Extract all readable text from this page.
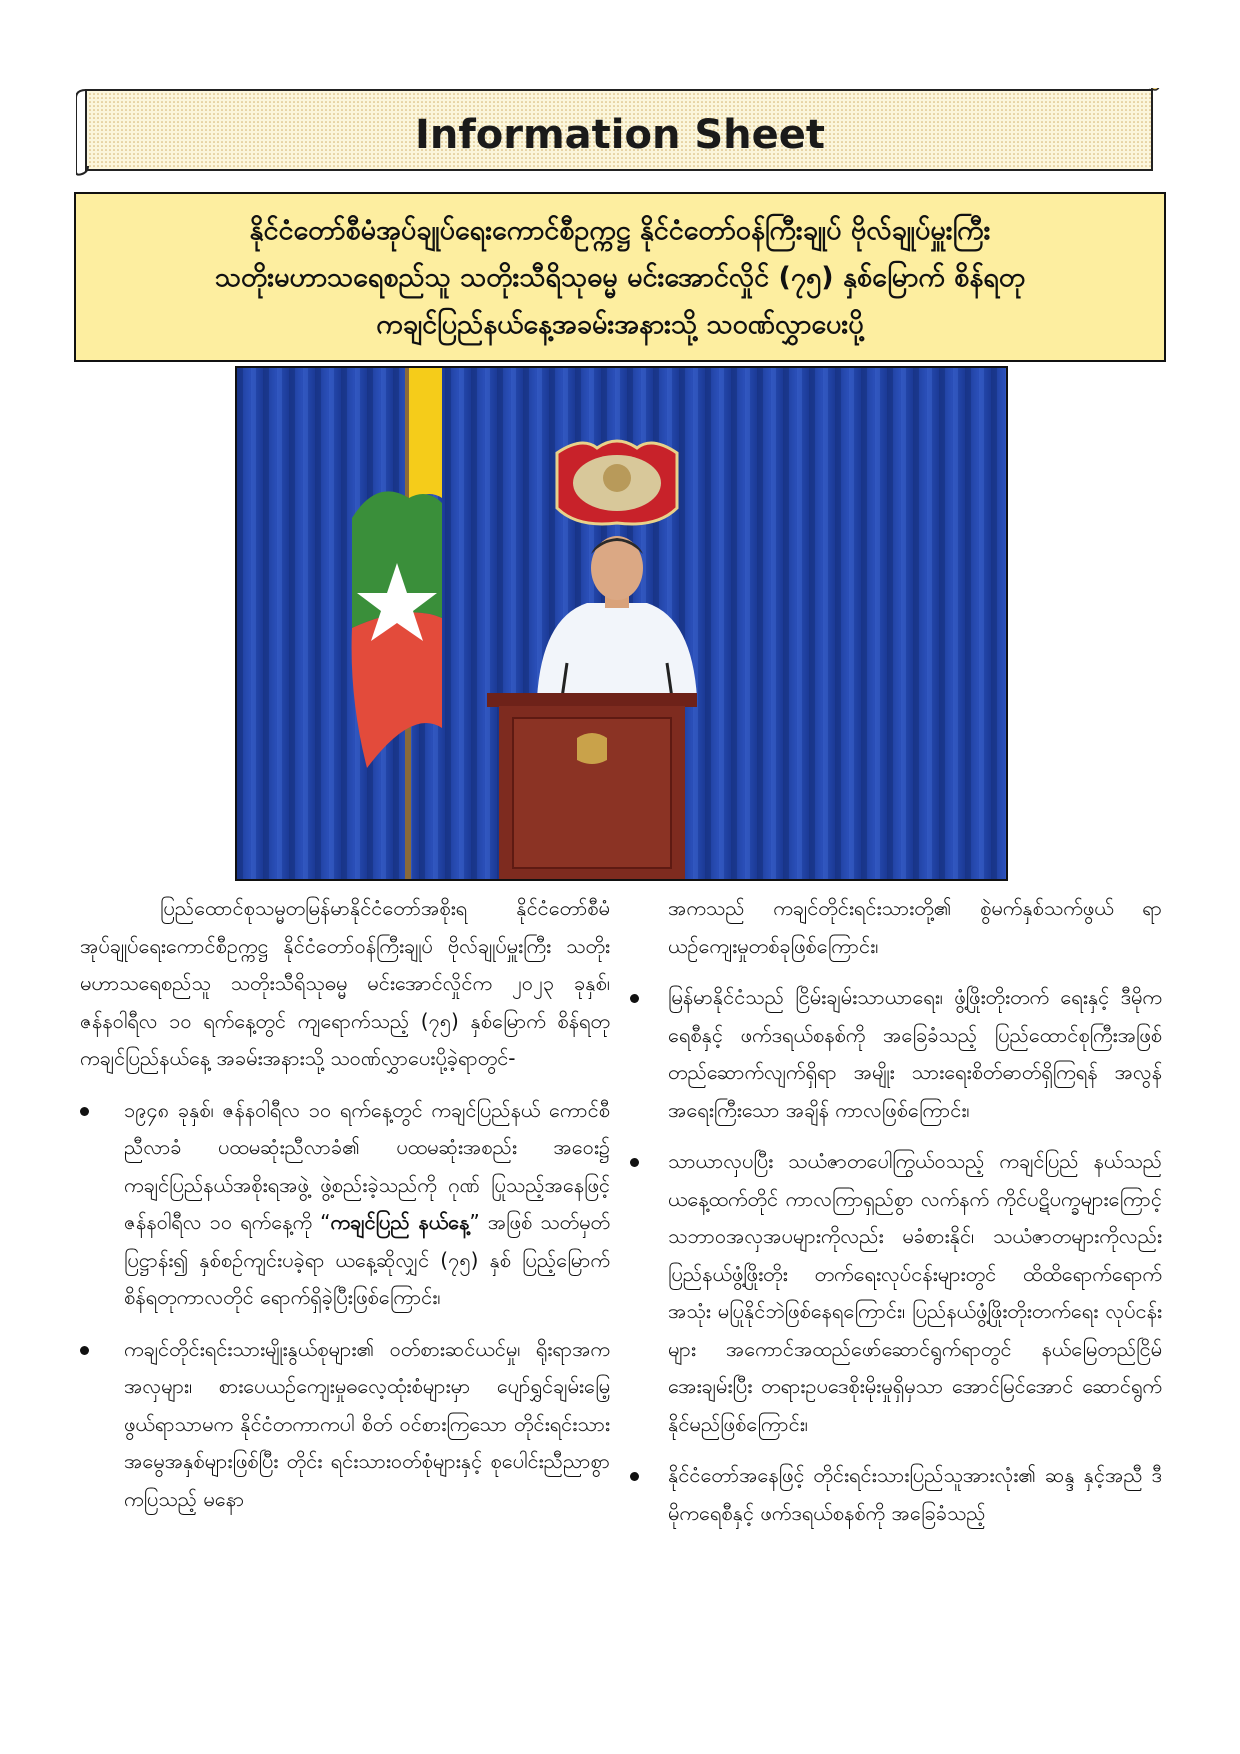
Information Sheet
နိုင်ငံတော်စီမံအုပ်ချုပ်ရေးကောင်စီဥက္ကဋ္ဌ နိုင်ငံတော်ဝန်ကြီးချုပ် ဗိုလ်ချုပ်မှူးကြီး
သတိုးမဟာသရေစည်သူ သတိုးသီရိသုဓမ္မ မင်းအောင်လှိုင် (၇၅) နှစ်မြောက် စိန်ရတု
ကချင်ပြည်နယ်နေ့အခမ်းအနားသို့ သဝဏ်လွှာပေးပို့
ပြည်ထောင်စုသမ္မတမြန်မာနိုင်ငံတော်အစိုးရ နိုင်ငံတော်စီမံအုပ်ချုပ်ရေးကောင်စီဥက္ကဋ္ဌ နိုင်ငံတော်ဝန်ကြီးချုပ် ဗိုလ်ချုပ်မှူးကြီး သတိုးမဟာသရေစည်သူ သတိုးသီရိသုဓမ္မ မင်းအောင်လှိုင်က ၂၀၂၃ ခုနှစ်၊ ဇန်နဝါရီလ ၁၀ ရက်နေ့တွင် ကျရောက်သည့် (၇၅) နှစ်မြောက် စိန်ရတုကချင်ပြည်နယ်နေ့ အခမ်းအနားသို့ သဝဏ်လွှာပေးပို့ခဲ့ရာတွင်-
၁၉၄၈ ခုနှစ်၊ ဇန်နဝါရီလ ၁၀ ရက်နေ့တွင် ကချင်ပြည်နယ် ကောင်စီညီလာခံ ပထမဆုံးညီလာခံ၏ ပထမဆုံးအစည်း အဝေး၌ ကချင်ပြည်နယ်အစိုးရအဖွဲ့ ဖွဲ့စည်းခဲ့သည်ကို ဂုဏ် ပြုသည့်အနေဖြင့် ဇန်နဝါရီလ ၁၀ ရက်နေ့ကို “ကချင်ပြည် နယ်နေ့” အဖြစ် သတ်မှတ်ပြဋ္ဌာန်း၍ နှစ်စဉ်ကျင်းပခဲ့ရာ ယနေ့ဆိုလျှင် (၇၅) နှစ် ပြည့်မြောက် စိန်ရတုကာလတိုင် ရောက်ရှိခဲ့ပြီးဖြစ်ကြောင်း၊
ကချင်တိုင်းရင်းသားမျိုးနွယ်စုများ၏ ဝတ်စားဆင်ယင်မှု၊ ရိုးရာအကအလှများ၊ စားပေယဉ်ကျေးမှုဓလေ့ထုံးစံများမှာ ပျော်ရွှင်ချမ်းမြေ့ဖွယ်ရာသာမက နိုင်ငံတကာကပါ စိတ် ဝင်စားကြသော တိုင်းရင်းသားအမွေအနှစ်များဖြစ်ပြီး တိုင်း ရင်းသားဝတ်စုံများနှင့် စုပေါင်းညီညာစွာကပြသည့် မနော
အကသည် ကချင်တိုင်းရင်းသားတို့၏ စွဲမက်နှစ်သက်ဖွယ် ရာ ယဉ်ကျေးမှုတစ်ခုဖြစ်ကြောင်း၊
မြန်မာနိုင်ငံသည် ငြိမ်းချမ်းသာယာရေး၊ ဖွံ့ဖြိုးတိုးတက် ရေးနှင့် ဒီမိုကရေစီနှင့် ဖက်ဒရယ်စနစ်ကို အခြေခံသည့် ပြည်ထောင်စုကြီးအဖြစ် တည်ဆောက်လျက်ရှိရာ အမျိုး သားရေးစိတ်ဓာတ်ရှိကြရန် အလွန်အရေးကြီးသော အချိန် ကာလဖြစ်ကြောင်း၊
သာယာလှပပြီး သယံဇာတပေါကြွယ်ဝသည့် ကချင်ပြည် နယ်သည် ယနေ့ထက်တိုင် ကာလကြာရှည်စွာ လက်နက် ကိုင်ပဋိပက္ခများကြောင့် သဘာဝအလှအပများကိုလည်း မခံစားနိုင်၊ သယံဇာတများကိုလည်း ပြည်နယ်ဖွံ့ဖြိုးတိုး တက်ရေးလုပ်ငန်းများတွင် ထိထိရောက်ရောက် အသုံး မပြုနိုင်ဘဲဖြစ်နေရကြောင်း၊ ပြည်နယ်ဖွံ့ဖြိုးတိုးတက်ရေး လုပ်ငန်းများ အကောင်အထည်ဖော်ဆောင်ရွက်ရာတွင် နယ်မြေတည်ငြိမ်အေးချမ်းပြီး တရားဥပဒေစိုးမိုးမှုရှိမှသာ အောင်မြင်အောင် ဆောင်ရွက်နိုင်မည်ဖြစ်ကြောင်း၊
နိုင်ငံတော်အနေဖြင့် တိုင်းရင်းသားပြည်သူအားလုံး၏ ဆန္ဒ နှင့်အညီ ဒီမိုကရေစီနှင့် ဖက်ဒရယ်စနစ်ကို အခြေခံသည့်
